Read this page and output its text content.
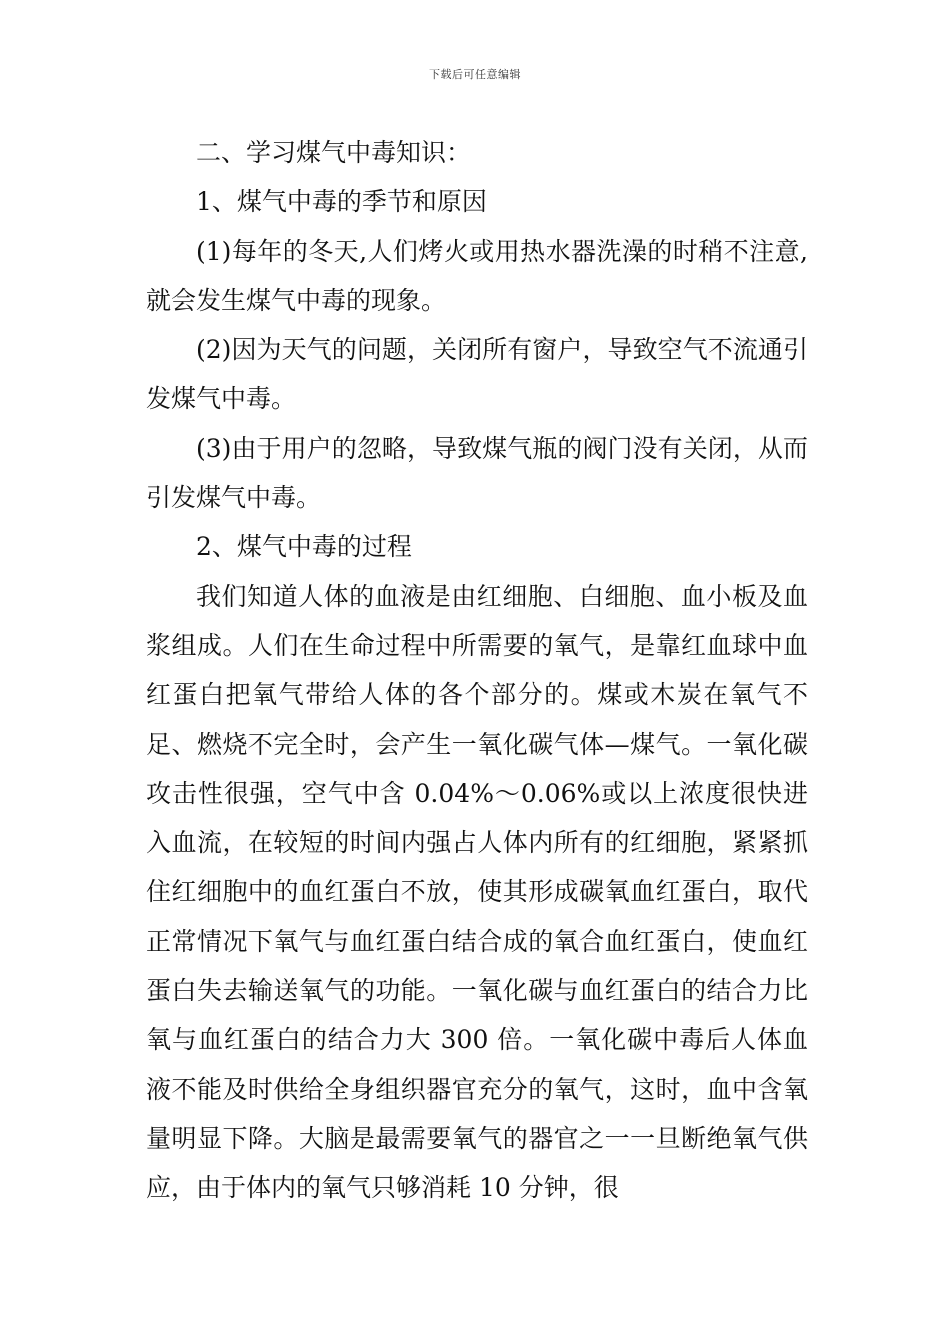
下载后可任意编辑

二、学习煤气中毒知识：

1、煤气中毒的季节和原因

(1)每年的冬天,人们烤火或用热水器洗澡的时稍不注意,就会发生煤气中毒的现象。

(2)因为天气的问题，关闭所有窗户，导致空气不流通引发煤气中毒。

(3)由于用户的忽略，导致煤气瓶的阀门没有关闭，从而引发煤气中毒。

2、煤气中毒的过程

我们知道人体的血液是由红细胞、白细胞、血小板及血浆组成。人们在生命过程中所需要的氧气，是靠红血球中血红蛋白把氧气带给人体的各个部分的。煤或木炭在氧气不足、燃烧不完全时，会产生一氧化碳气体—煤气。一氧化碳攻击性很强，空气中含 0.04%～0.06%或以上浓度很快进入血流，在较短的时间内强占人体内所有的红细胞，紧紧抓住红细胞中的血红蛋白不放，使其形成碳氧血红蛋白，取代正常情况下氧气与血红蛋白结合成的氧合血红蛋白，使血红蛋白失去输送氧气的功能。一氧化碳与血红蛋白的结合力比氧与血红蛋白的结合力大 300 倍。一氧化碳中毒后人体血液不能及时供给全身组织器官充分的氧气，这时，血中含氧量明显下降。大脑是最需要氧气的器官之一一旦断绝氧气供应，由于体内的氧气只够消耗 10 分钟，很
